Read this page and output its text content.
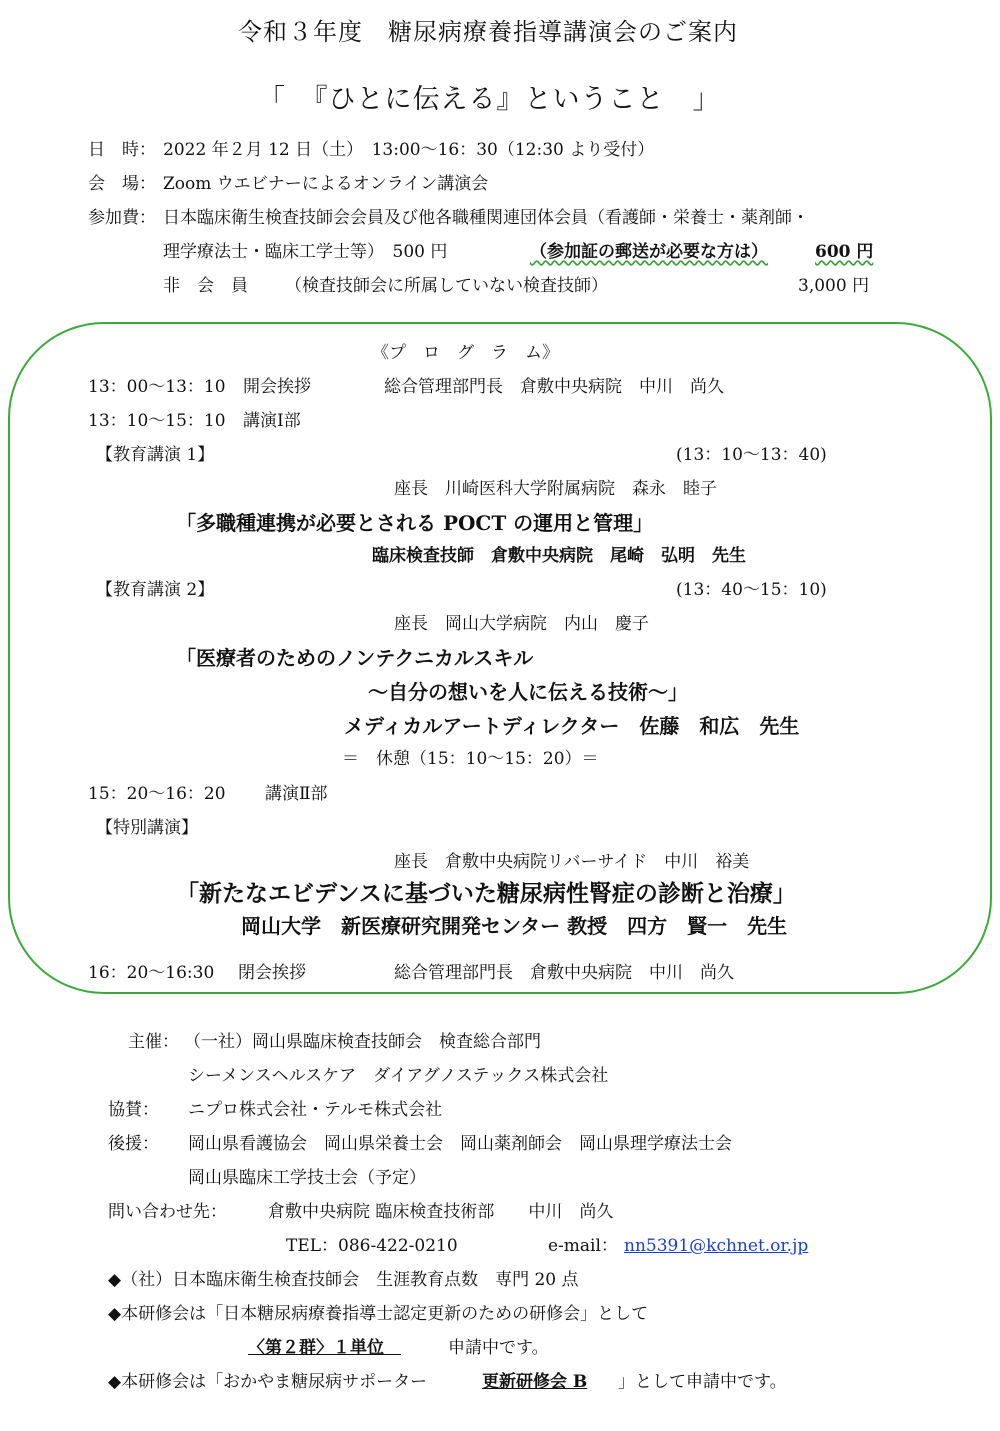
令和３年度　糖尿病療養指導講演会のご案内
「　『ひとに伝える』ということ　」
日　時： 2022 年２月 12 日（土）　13:00〜16：30（12:30 より受付）
会　場： Zoom ウエビナーによるオンライン講演会
参加費： 日本臨床衛生検査技師会会員及び他各職種関連団体会員（看護師・栄養士・薬剤師・
理学療法士・臨床工学士等）　500 円	（参加証の郵送が必要な方は）	600 円
非　会　員 （検査技師会に所属していない検査技師）	3,000 円
《プ　ロ　グ　ラ　ム》
13：00〜13：10 開会挨拶	総合管理部門長　倉敷中央病院　中川　尚久
13：10〜15：10 講演Ⅰ部
【教育講演 1】	(13：10〜13：40)
座長　川崎医科大学附属病院　森永　睦子
「多職種連携が必要とされる POCT の運用と管理」
臨床検査技師　倉敷中央病院　尾崎　弘明　先生
【教育講演 2】	(13：40〜15：10)
座長　岡山大学病院　内山　慶子
「医療者のためのノンテクニカルスキル
〜自分の想いを人に伝える技術〜」
メディカルアートディレクター　佐藤　和広　先生
＝　休憩（15：10〜15：20）＝
15：20〜16：20 講演Ⅱ部
【特別講演】
座長　倉敷中央病院リバーサイド　中川　裕美
「新たなエビデンスに基づいた糖尿病性腎症の診断と治療」
岡山大学　新医療研究開発センター 教授　四方　賢一　先生
16：20〜16:30 閉会挨拶	総合管理部門長　倉敷中央病院　中川　尚久
主催： （一社）岡山県臨床検査技師会　検査総合部門
シーメンスヘルスケア　ダイアグノステックス株式会社
協賛： ニプロ株式会社・テルモ株式会社
後援： 岡山県看護協会　岡山県栄養士会　岡山薬剤師会　岡山県理学療法士会
岡山県臨床工学技士会（予定）
問い合わせ先： 倉敷中央病院 臨床検査技術部　　中川　尚久
TEL：086-422-0210	e-mail： nn5391@kchnet.or.jp
◆（社）日本臨床衛生検査技師会　生涯教育点数　専門 20 点
◆本研修会は「日本糖尿病療養指導士認定更新のための研修会」として
〈第２群〉１単位　	申請中です。
◆本研修会は「おかやま糖尿病サポーター	更新研修会 B 」として申請中です。
